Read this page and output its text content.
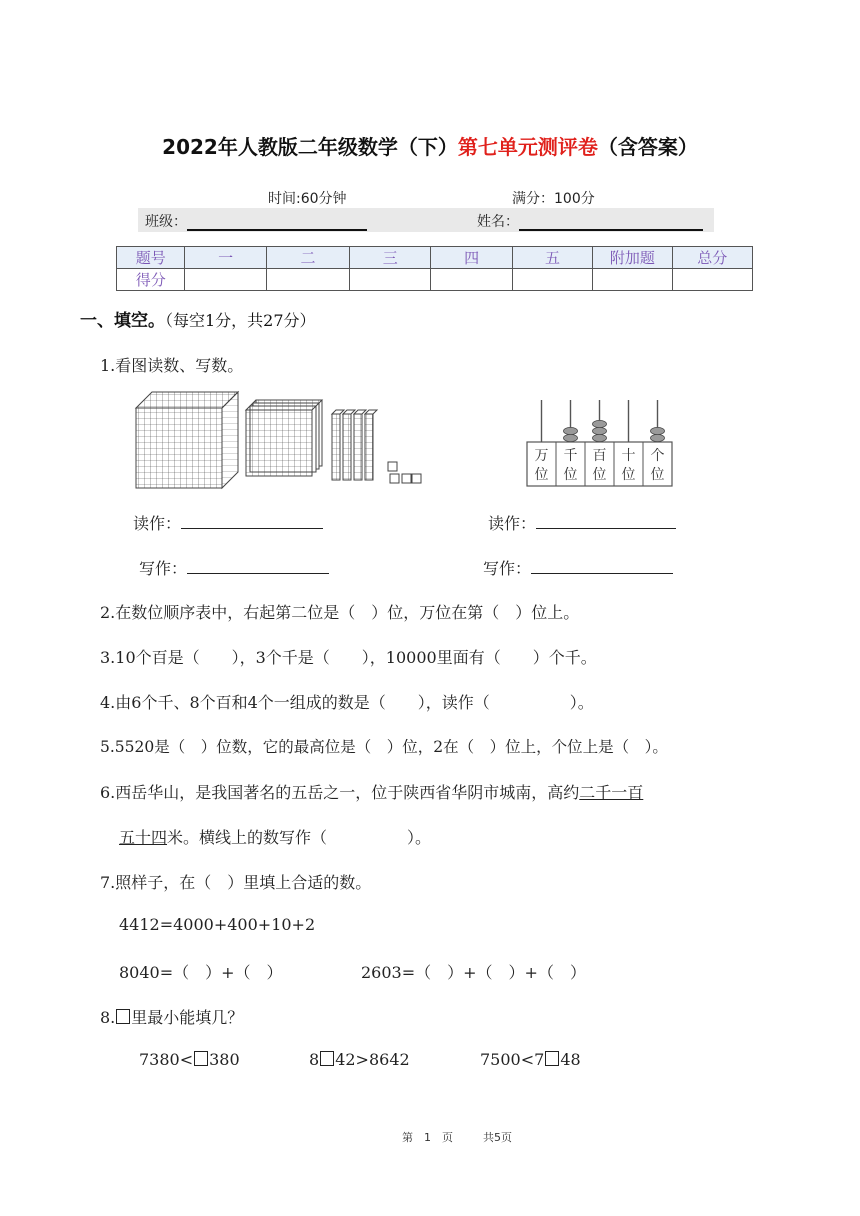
2022年人教版二年级数学（下）第七单元测评卷（含答案）
时间:60分钟	满分：100分
班级：	姓名：
题号	一	二	三	四	五	附加题	总分
得分							
一、填空。（每空1分，共27分）
1.看图读数、写数。
万
位
千
位
百
位
十
位
个
位
读作：	读作：
写作：	写作：
2.在数位顺序表中，右起第二位是（　）位，万位在第（　）位上。
3.10个百是（　　），3个千是（　　），10000里面有（　　）个千。
4.由6个千、8个百和4个一组成的数是（　　），读作（　　　　　）。
5.5520是（　）位数，它的最高位是（　）位，2在（　）位上，个位上是（　）。
6.西岳华山，是我国著名的五岳之一，位于陕西省华阴市城南，高约二千一百
五十四米。横线上的数写作（　　　　　）。
7.照样子，在（　）里填上合适的数。
4412=4000+400+10+2
8040=（　）+（　）	2603=（　）+（　）+（　）
8. 里最小能填几？
7380< 380	8 42>8642	7500<7 48
第　1　页	共5页
